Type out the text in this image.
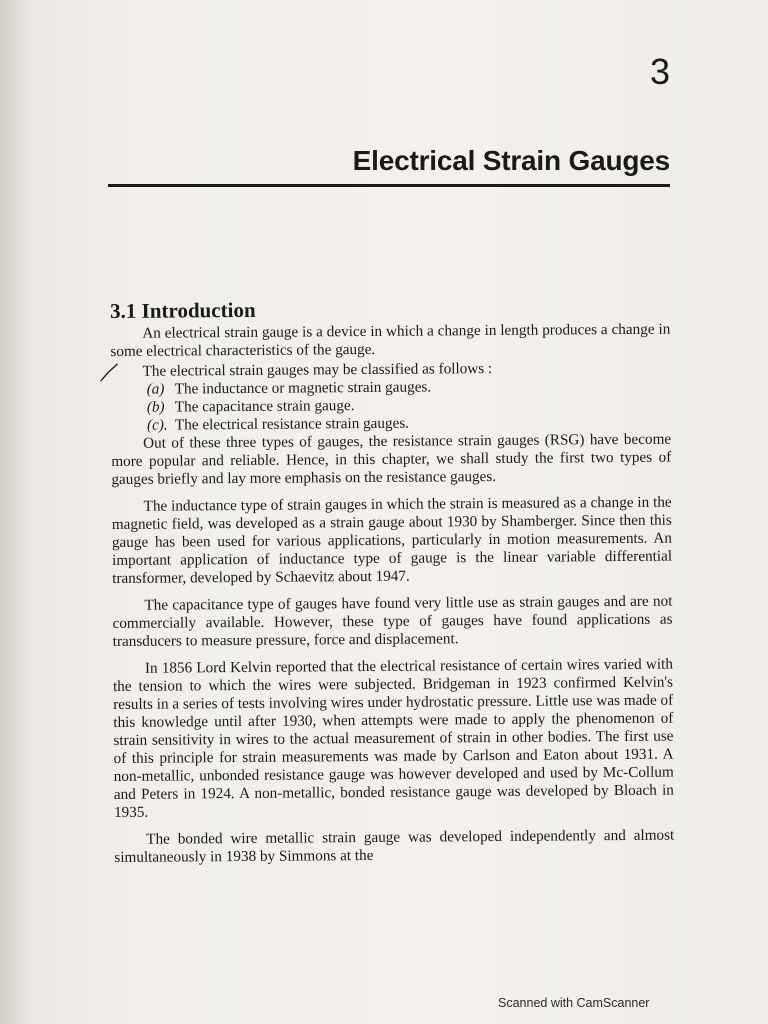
3
Electrical Strain Gauges
3.1 Introduction

An electrical strain gauge is a device in which a change in length produces a change in some electrical characteristics of the gauge.

The electrical strain gauges may be classified as follows :

(a) The inductance or magnetic strain gauges.
(b) The capacitance strain gauge.
(c). The electrical resistance strain gauges.

Out of these three types of gauges, the resistance strain gauges (RSG) have become more popular and reliable. Hence, in this chapter, we shall study the first two types of gauges briefly and lay more emphasis on the resistance gauges.

The inductance type of strain gauges in which the strain is measured as a change in the magnetic field, was developed as a strain gauge about 1930 by Shamberger. Since then this gauge has been used for various applications, particularly in motion measurements. An important application of inductance type of gauge is the linear variable differential transformer, developed by Schaevitz about 1947.

The capacitance type of gauges have found very little use as strain gauges and are not commercially available. However, these type of gauges have found applications as transducers to measure pressure, force and displacement.

In 1856 Lord Kelvin reported that the electrical resistance of certain wires varied with the tension to which the wires were subjected. Bridgeman in 1923 confirmed Kelvin's results in a series of tests involving wires under hydrostatic pressure. Little use was made of this knowledge until after 1930, when attempts were made to apply the phenomenon of strain sensitivity in wires to the actual measurement of strain in other bodies. The first use of this principle for strain measurements was made by Carlson and Eaton about 1931. A non-metallic, unbonded resistance gauge was however developed and used by Mc-Collum and Peters in 1924. A non-metallic, bonded resistance gauge was developed by Bloach in 1935.

The bonded wire metallic strain gauge was developed independently and almost simultaneously in 1938 by Simmons at the

Scanned with CamScanner
